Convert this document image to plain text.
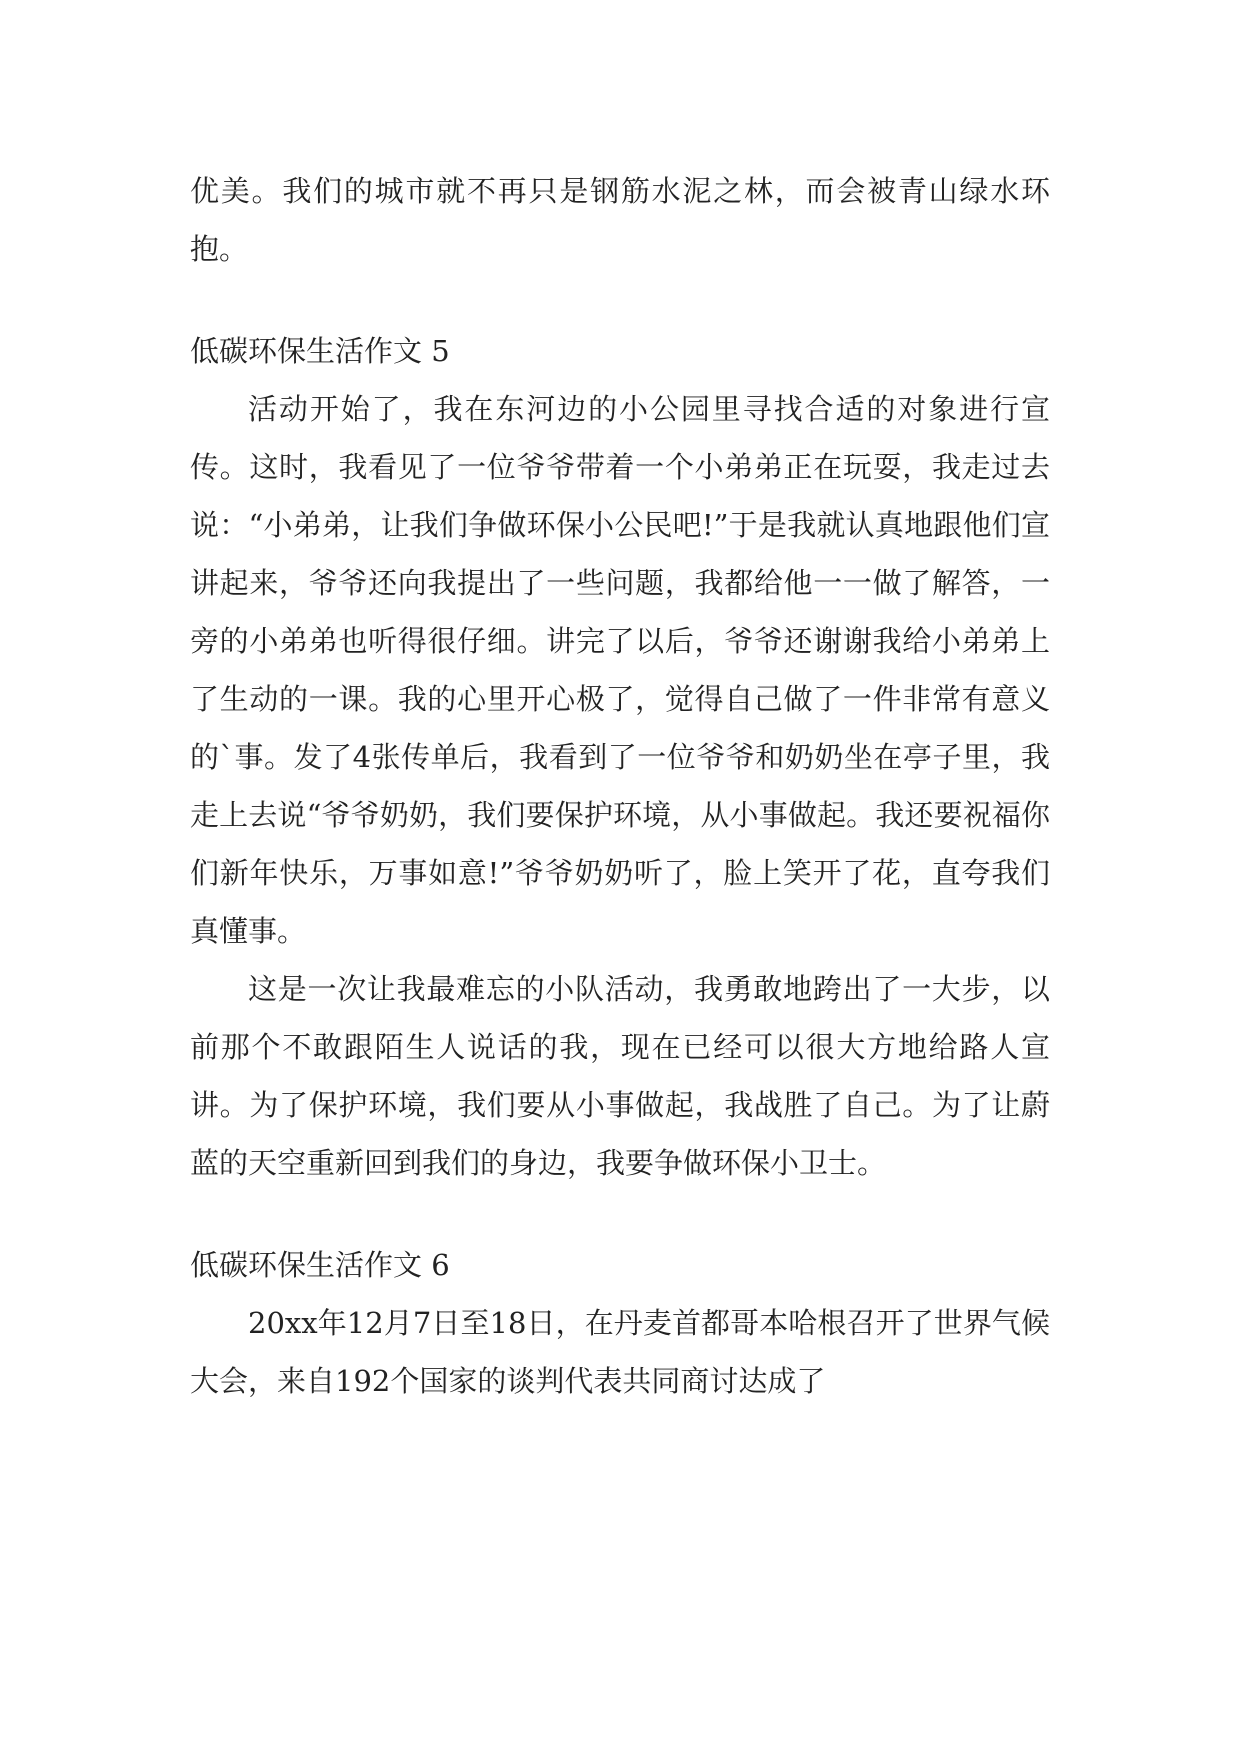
优美。我们的城市就不再只是钢筋水泥之林，而会被青山绿水环抱。

低碳环保生活作文 5

活动开始了，我在东河边的小公园里寻找合适的对象进行宣传。这时，我看见了一位爷爷带着一个小弟弟正在玩耍，我走过去说：“小弟弟，让我们争做环保小公民吧!”于是我就认真地跟他们宣讲起来，爷爷还向我提出了一些问题，我都给他一一做了解答，一旁的小弟弟也听得很仔细。讲完了以后，爷爷还谢谢我给小弟弟上了生动的一课。我的心里开心极了，觉得自己做了一件非常有意义的`事。发了4张传单后，我看到了一位爷爷和奶奶坐在亭子里，我走上去说“爷爷奶奶，我们要保护环境，从小事做起。我还要祝福你们新年快乐，万事如意!”爷爷奶奶听了，脸上笑开了花，直夸我们真懂事。

这是一次让我最难忘的小队活动，我勇敢地跨出了一大步，以前那个不敢跟陌生人说话的我，现在已经可以很大方地给路人宣讲。为了保护环境，我们要从小事做起，我战胜了自己。为了让蔚蓝的天空重新回到我们的身边，我要争做环保小卫士。

低碳环保生活作文 6

20xx年12月7日至18日，在丹麦首都哥本哈根召开了世界气候大会，来自192个国家的谈判代表共同商讨达成了
